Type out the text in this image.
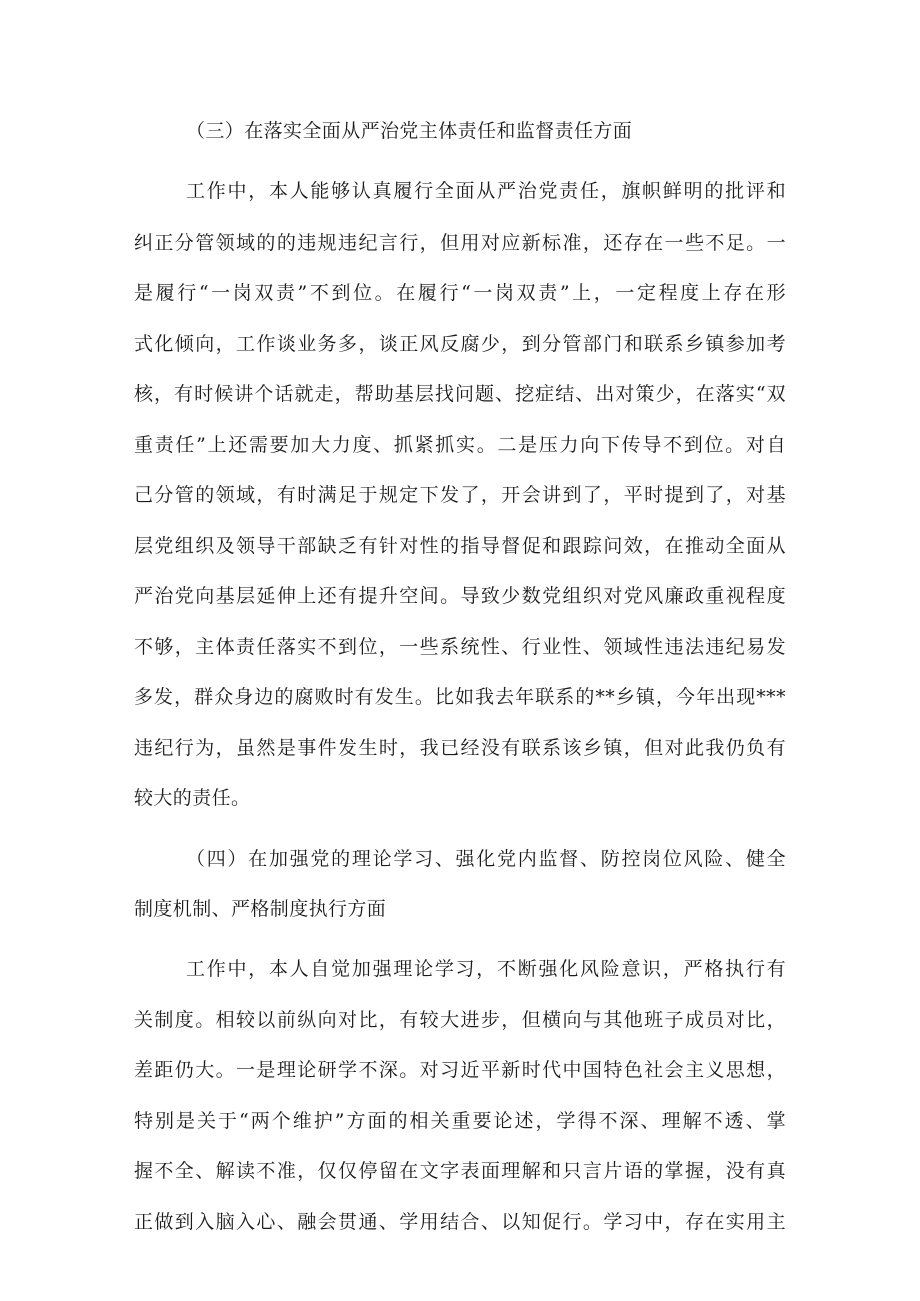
（三）在落实全面从严治党主体责任和监督责任方面
工作中，本人能够认真履行全面从严治党责任，旗帜鲜明的批评和
纠正分管领域的的违规违纪言行，但用对应新标准，还存在一些不足。一
是履行“一岗双责”不到位。在履行“一岗双责”上，一定程度上存在形
式化倾向，工作谈业务多，谈正风反腐少，到分管部门和联系乡镇参加考
核，有时候讲个话就走，帮助基层找问题、挖症结、出对策少，在落实“双
重责任”上还需要加大力度、抓紧抓实。二是压力向下传导不到位。对自
己分管的领域，有时满足于规定下发了，开会讲到了，平时提到了，对基
层党组织及领导干部缺乏有针对性的指导督促和跟踪问效，在推动全面从
严治党向基层延伸上还有提升空间。导致少数党组织对党风廉政重视程度
不够，主体责任落实不到位，一些系统性、行业性、领域性违法违纪易发
多发，群众身边的腐败时有发生。比如我去年联系的**乡镇，今年出现***
违纪行为，虽然是事件发生时，我已经没有联系该乡镇，但对此我仍负有
较大的责任。
（四）在加强党的理论学习、强化党内监督、防控岗位风险、健全
制度机制、严格制度执行方面
工作中，本人自觉加强理论学习，不断强化风险意识，严格执行有
关制度。相较以前纵向对比，有较大进步，但横向与其他班子成员对比，
差距仍大。一是理论研学不深。对习近平新时代中国特色社会主义思想，
特别是关于“两个维护”方面的相关重要论述，学得不深、理解不透、掌
握不全、解读不准，仅仅停留在文字表面理解和只言片语的掌握，没有真
正做到入脑入心、融会贯通、学用结合、以知促行。学习中，存在实用主
